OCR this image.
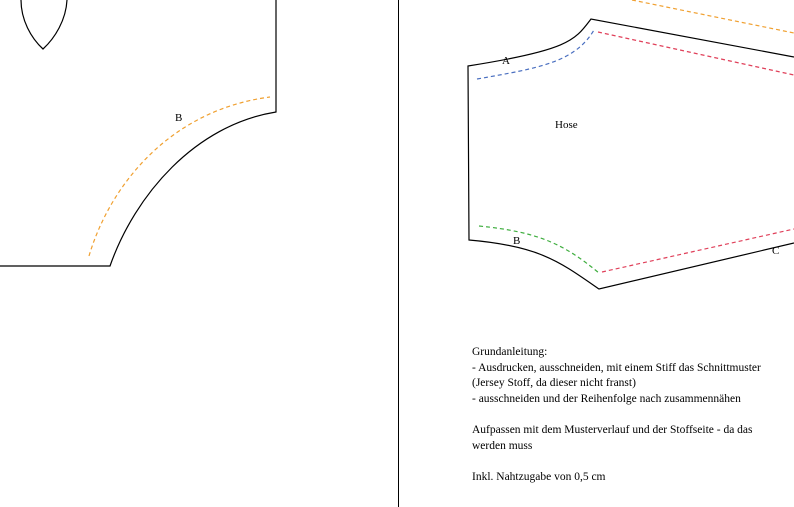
B
A
Hose
B
C
Grundanleitung:
- Ausdrucken, ausschneiden, mit einem Stiff das Schnittmuster
(Jersey Stoff, da dieser nicht franst)
- ausschneiden und der Reihenfolge nach zusammennähen
Aufpassen mit dem Musterverlauf und der Stoffseite - da das
werden muss
Inkl. Nahtzugabe von 0,5 cm
